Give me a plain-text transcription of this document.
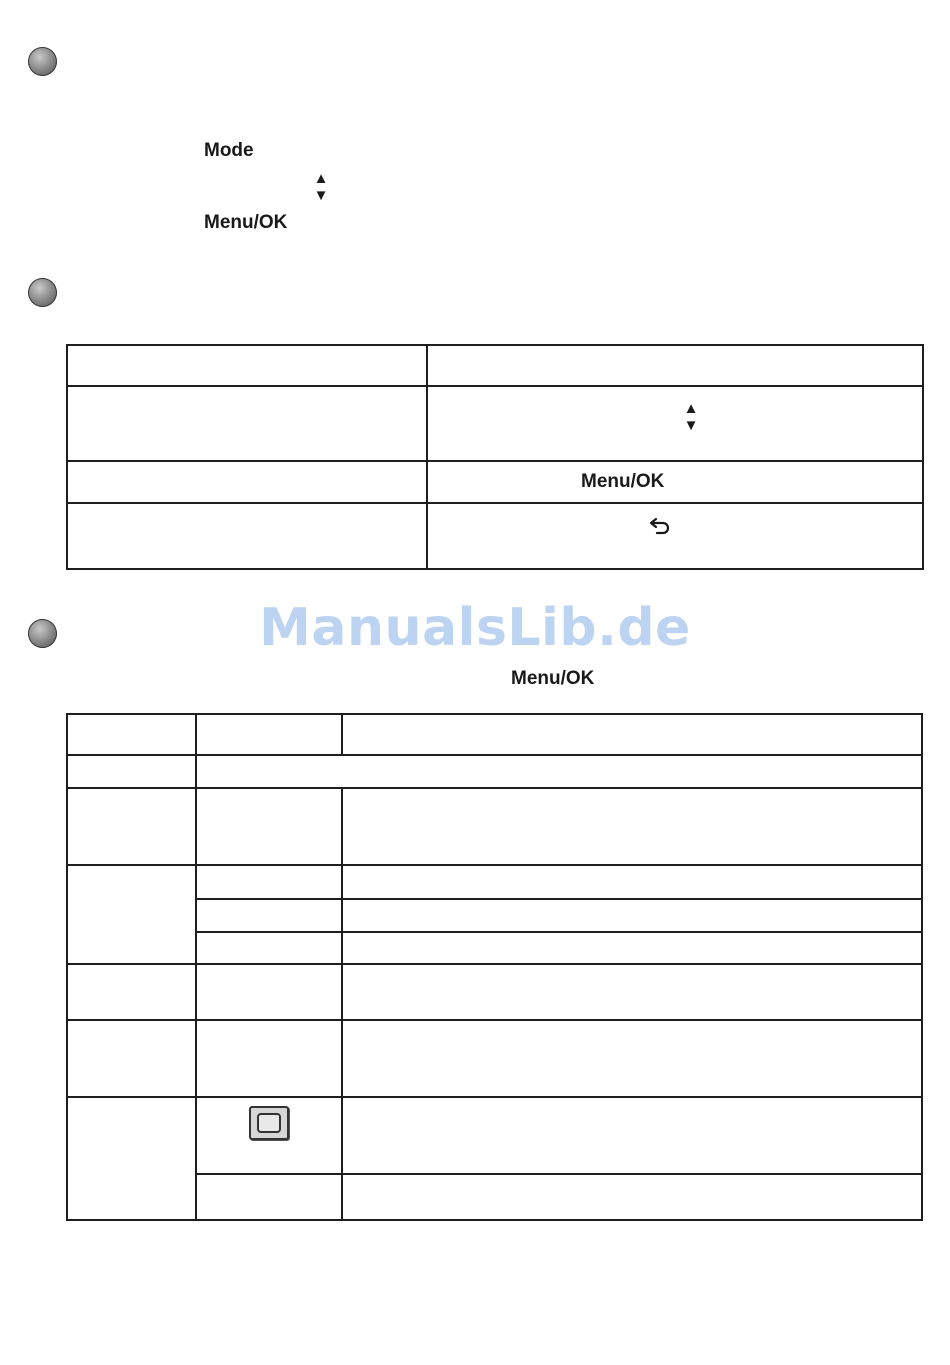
Mode
▲
▼
Menu/OK

	▲
▼

	Menu/OK

ManualsLib.de
Menu/OK
